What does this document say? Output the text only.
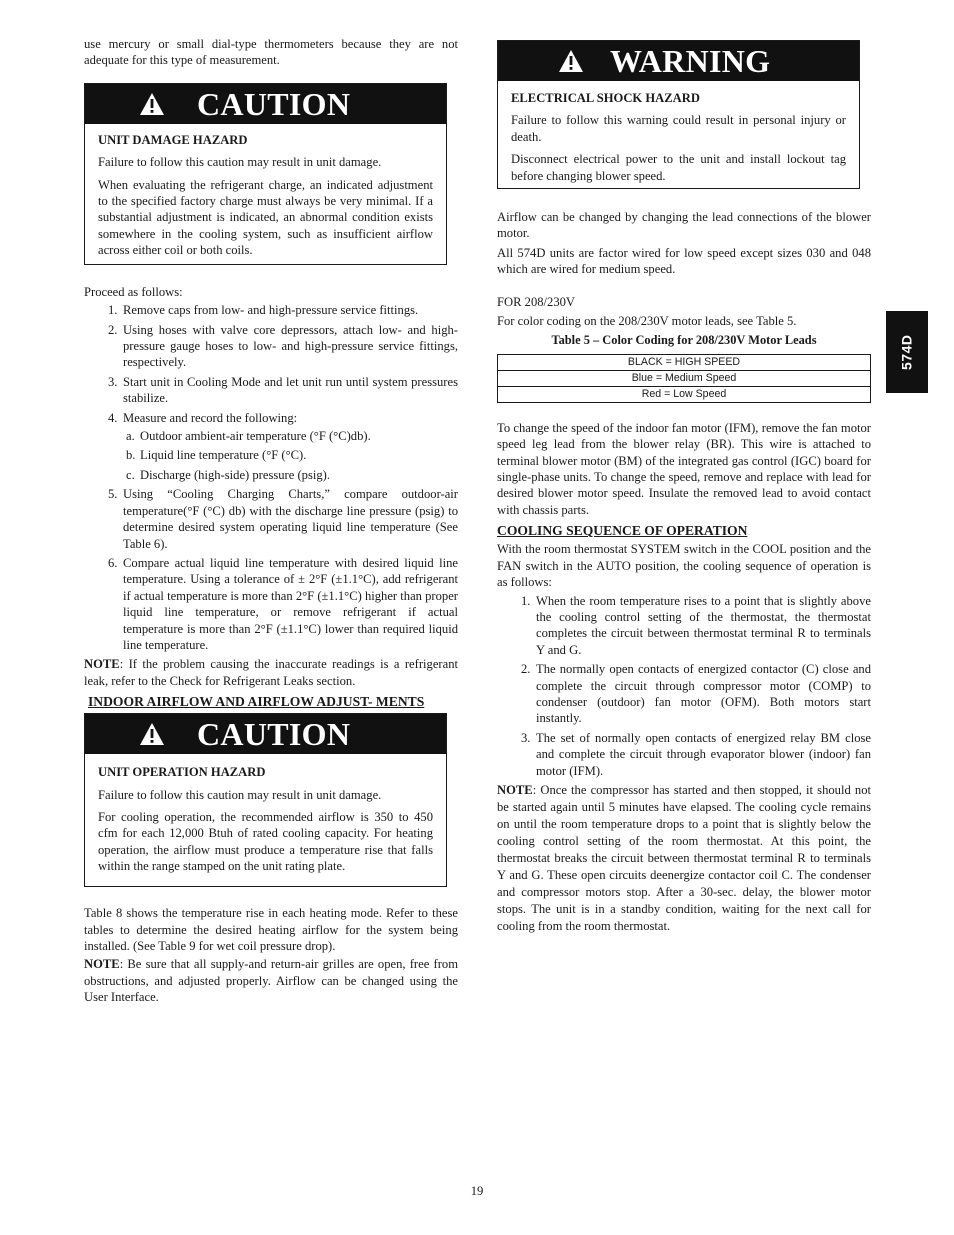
use mercury or small dial-type thermometers because they are not adequate for this type of measurement.

CAUTION
UNIT DAMAGE HAZARD

Failure to follow this caution may result in unit damage.

When evaluating the refrigerant charge, an indicated adjustment to the specified factory charge must always be very minimal. If a substantial adjustment is indicated, an abnormal condition exists somewhere in the cooling system, such as insufficient airflow across either coil or both coils.

Proceed as follows:

1. Remove caps from low- and high-pressure service fittings.
2. Using hoses with valve core depressors, attach low- and high-pressure gauge hoses to low- and high-pressure service fittings, respectively.
3. Start unit in Cooling Mode and let unit run until system pressures stabilize.
4. Measure and record the following:
a. Outdoor ambient-air temperature (°F (°C)db).
b. Liquid line temperature (°F (°C).
c. Discharge (high-side) pressure (psig).
5. Using “Cooling Charging Charts,” compare outdoor-air temperature(°F (°C) db) with the discharge line pressure (psig) to determine desired system operating liquid line temperature (See Table 6).
6. Compare actual liquid line temperature with desired liquid line temperature. Using a tolerance of ± 2°F (±1.1°C), add refrigerant if actual temperature is more than 2°F (±1.1°C) higher than proper liquid line temperature, or remove refrigerant if actual temperature is more than 2°F (±1.1°C) lower than required liquid line temperature.

NOTE: If the problem causing the inaccurate readings is a refrigerant leak, refer to the Check for Refrigerant Leaks section.

INDOOR AIRFLOW AND AIRFLOW ADJUST- MENTS
CAUTION
UNIT OPERATION HAZARD

Failure to follow this caution may result in unit damage.

For cooling operation, the recommended airflow is 350 to 450 cfm for each 12,000 Btuh of rated cooling capacity. For heating operation, the airflow must produce a temperature rise that falls within the range stamped on the unit rating plate.

Table 8 shows the temperature rise in each heating mode. Refer to these tables to determine the desired heating airflow for the system being installed. (See Table 9 for wet coil pressure drop).

NOTE: Be sure that all supply-and return-air grilles are open, free from obstructions, and adjusted properly. Airflow can be changed using the User Interface.

WARNING
ELECTRICAL SHOCK HAZARD

Failure to follow this warning could result in personal injury or death.

Disconnect electrical power to the unit and install lockout tag before changing blower speed.

Airflow can be changed by changing the lead connections of the blower motor.

All 574D units are factor wired for low speed except sizes 030 and 048 which are wired for medium speed.

FOR 208/230V

For color coding on the 208/230V motor leads, see Table 5.

Table 5 – Color Coding for 208/230V Motor Leads
BLACK = HIGH SPEED
Blue = Medium Speed
Red = Low Speed

To change the speed of the indoor fan motor (IFM), remove the fan motor speed leg lead from the blower relay (BR). This wire is attached to terminal blower motor (BM) of the integrated gas control (IGC) board for single-phase units. To change the speed, remove and replace with lead for desired blower motor speed. Insulate the removed lead to avoid contact with chassis parts.

COOLING SEQUENCE OF OPERATION

With the room thermostat SYSTEM switch in the COOL position and the FAN switch in the AUTO position, the cooling sequence of operation is as follows:

1. When the room temperature rises to a point that is slightly above the cooling control setting of the thermostat, the thermostat completes the circuit between thermostat terminal R to terminals Y and G.
2. The normally open contacts of energized contactor (C) close and complete the circuit through compressor motor (COMP) to condenser (outdoor) fan motor (OFM). Both motors start instantly.
3. The set of normally open contacts of energized relay BM close and complete the circuit through evaporator blower (indoor) fan motor (IFM).

NOTE: Once the compressor has started and then stopped, it should not be started again until 5 minutes have elapsed. The cooling cycle remains on until the room temperature drops to a point that is slightly below the cooling control setting of the room thermostat. At this point, the thermostat breaks the circuit between thermostat terminal R to terminals Y and G. These open circuits deenergize contactor coil C. The condenser and compressor motors stop. After a 30-sec. delay, the blower motor stops. The unit is in a standby condition, waiting for the next call for cooling from the room thermostat.

574D
19
